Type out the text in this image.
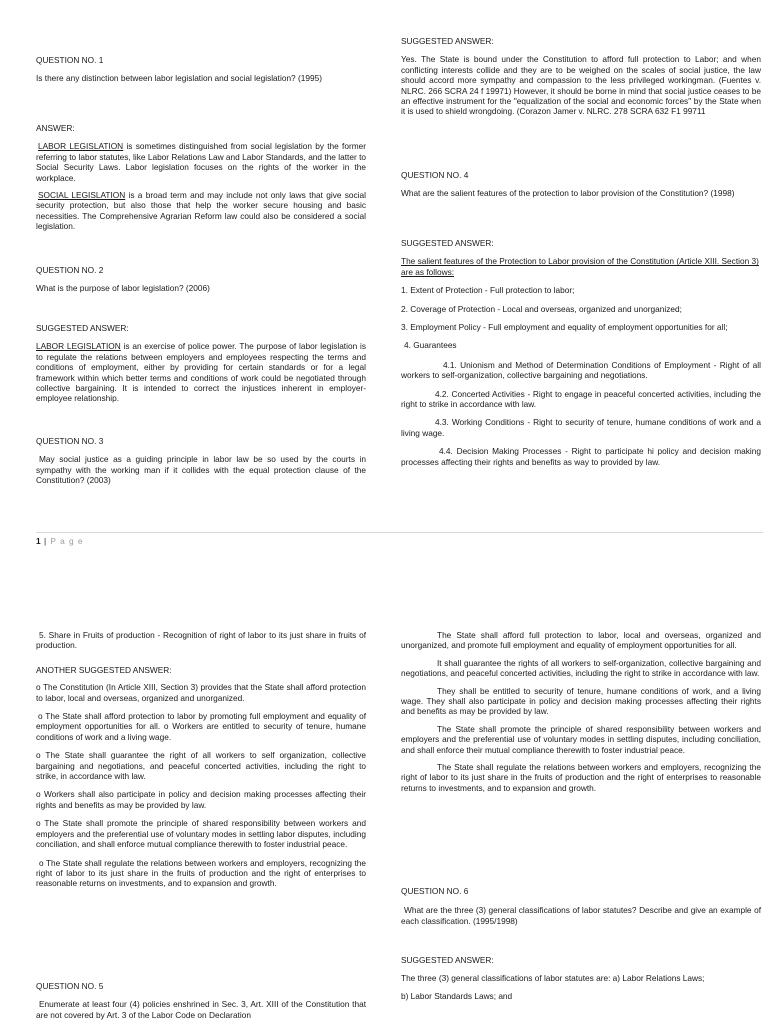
QUESTION NO. 1

Is there any distinction between labor legislation and social legislation? (1995)

ANSWER:

LABOR LEGISLATION is sometimes distinguished from social legislation by the former referring to labor statutes, like Labor Relations Law and Labor Standards, and the latter to Social Security Laws. Labor legislation focuses on the rights of the worker in the workplace.

SOCIAL LEGISLATION is a broad term and may include not only laws that give social security protection, but also those that help the worker secure housing and basic necessities. The Comprehensive Agrarian Reform law could also be considered a social legislation.

QUESTION NO. 2

What is the purpose of labor legislation? (2006)

SUGGESTED ANSWER:

LABOR LEGISLATION is an exercise of police power. The purpose of labor legislation is to regulate the relations between employers and employees respecting the terms and conditions of employment, either by providing for certain standards or for a legal framework within which better terms and conditions of work could be negotiated through collective bargaining. It is intended to correct the injustices inherent in employer-employee relationship.

QUESTION NO. 3

May social justice as a guiding principle in labor law be so used by the courts in sympathy with the working man if it collides with the equal protection clause of the Constitution? (2003)

SUGGESTED ANSWER:

Yes. The State is bound under the Constitution to afford full protection to Labor; and when conflicting interests collide and they are to be weighed on the scales of social justice, the law should accord more sympathy and compassion to the less privileged workingman. (Fuentes v. NLRC. 266 SCRA 24 f 19971) However, it should be borne in mind that social justice ceases to be an effective instrument for the "equalization of the social and economic forces" by the State when it is used to shield wrongdoing. (Corazon Jamer v. NLRC. 278 SCRA 632 F1 99711

QUESTION NO. 4

What are the salient features of the protection to labor provision of the Constitution? (1998)

SUGGESTED ANSWER:

The salient features of the Protection to Labor provision of the Constitution (Article XIII. Section 3) are as follows:

1. Extent of Protection - Full protection to labor;

2. Coverage of Protection - Local and overseas, organized and unorganized;

3. Employment Policy - Full employment and equality of employment opportunities for all;

4. Guarantees

4.1. Unionism and Method of Determination Conditions of Employment - Right of all workers to self-organization, collective bargaining and negotiations.

4.2. Concerted Activities - Right to engage in peaceful concerted activities, including the right to strike in accordance with law.

4.3. Working Conditions - Right to security of tenure, humane conditions of work and a living wage.

4.4. Decision Making Processes - Right to participate hi policy and decision making processes affecting their rights and benefits as way to provided by law.

1 | P a g e

5. Share in Fruits of production - Recognition of right of labor to its just share in fruits of production.

ANOTHER SUGGESTED ANSWER:

o The Constitution (In Article XIII, Section 3) provides that the State shall afford protection to labor, local and overseas, organized and unorganized.

o The State shall afford protection to labor by promoting full employment and equality of employment opportunities for all. o Workers are entitled to security of tenure, humane conditions of work and a living wage.

o The State shall guarantee the right of all workers to self organization, collective bargaining and negotiations, and peaceful concerted activities, including the right to strike, in accordance with law.

o Workers shall also participate in policy and decision making processes affecting their rights and benefits as may be provided by law.

o The State shall promote the principle of shared responsibility between workers and employers and the preferential use of voluntary modes in settling labor disputes, including conciliation, and shall enforce mutual compliance therewith to foster industrial peace.

o The State shall regulate the relations between workers and employers, recognizing the right of labor to its just share in the fruits of production and the right of enterprises to reasonable returns on investments, and to expansion and growth.

QUESTION NO. 5

Enumerate at least four (4) policies enshrined in Sec. 3, Art. XIII of the Constitution that are not covered by Art. 3 of the Labor Code on Declaration

The State shall afford full protection to labor, local and overseas, organized and unorganized, and promote full employment and equality of employment opportunities for all.

It shall guarantee the rights of all workers to self-organization, collective bargaining and negotiations, and peaceful concerted activities, including the right to strike in accordance with law.

They shall be entitled to security of tenure, humane conditions of work, and a living wage. They shall also participate in policy and decision making processes affecting their rights and benefits as may be provided by law.

The State shall promote the principle of shared responsibility between workers and employers and the preferential use of voluntary modes in settling disputes, including conciliation, and shall enforce their mutual compliance therewith to foster industrial peace.

The State shall regulate the relations between workers and employers, recognizing the right of labor to its just share in the fruits of production and the right of enterprises to reasonable returns to investments, and to expansion and growth.

QUESTION NO. 6

What are the three (3) general classifications of labor statutes? Describe and give an example of each classification. (1995/1998)

SUGGESTED ANSWER:

The three (3) general classifications of labor statutes are: a) Labor Relations Laws;

b) Labor Standards Laws; and
